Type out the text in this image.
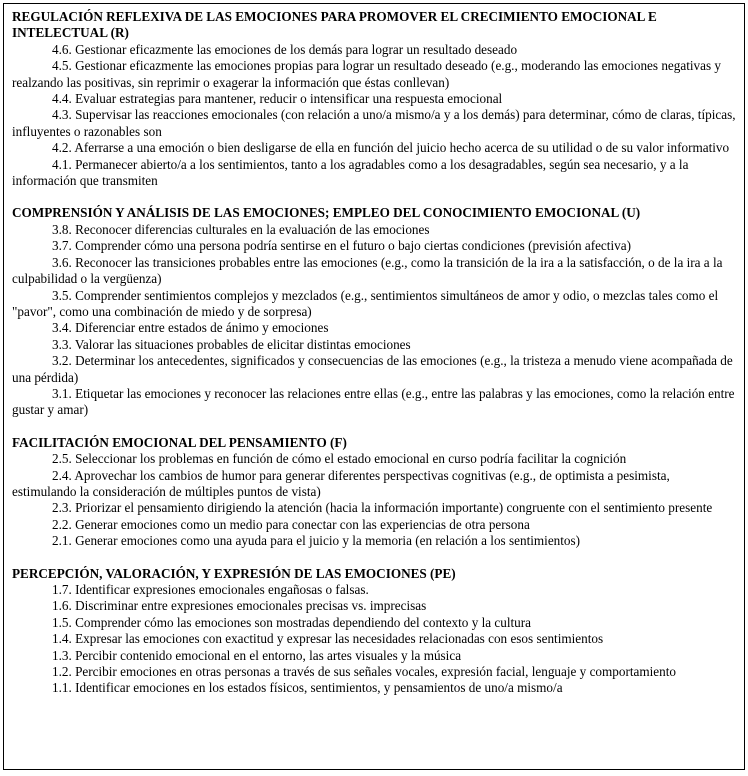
REGULACIÓN REFLEXIVA DE LAS EMOCIONES PARA PROMOVER EL CRECIMIENTO EMOCIONAL E INTELECTUAL (R)

4.6. Gestionar eficazmente las emociones de los demás para lograr un resultado deseado

4.5. Gestionar eficazmente las emociones propias para lograr un resultado deseado (e.g., moderando las emociones negativas y realzando las positivas, sin reprimir o exagerar la información que éstas conllevan)

4.4. Evaluar estrategias para mantener, reducir o intensificar una respuesta emocional

4.3. Supervisar las reacciones emocionales (con relación a uno/a mismo/a y a los demás) para determinar, cómo de claras, típicas, influyentes o razonables son

4.2. Aferrarse a una emoción o bien desligarse de ella en función del juicio hecho acerca de su utilidad o de su valor informativo

4.1. Permanecer abierto/a a los sentimientos, tanto a los agradables como a los desagradables, según sea necesario, y a la información que transmiten

COMPRENSIÓN Y ANÁLISIS DE LAS EMOCIONES; EMPLEO DEL CONOCIMIENTO EMOCIONAL (U)

3.8. Reconocer diferencias culturales en la evaluación de las emociones

3.7. Comprender cómo una persona podría sentirse en el futuro o bajo ciertas condiciones (previsión afectiva)

3.6. Reconocer las transiciones probables entre las emociones (e.g., como la transición de la ira a la satisfacción, o de la ira a la culpabilidad o la vergüenza)

3.5. Comprender sentimientos complejos y mezclados (e.g., sentimientos simultáneos de amor y odio, o mezclas tales como el "pavor", como una combinación de miedo y de sorpresa)

3.4. Diferenciar entre estados de ánimo y emociones

3.3. Valorar las situaciones probables de elicitar distintas emociones

3.2. Determinar los antecedentes, significados y consecuencias de las emociones (e.g., la tristeza a menudo viene acompañada de una pérdida)

3.1. Etiquetar las emociones y reconocer las relaciones entre ellas (e.g., entre las palabras y las emociones, como la relación entre gustar y amar)

FACILITACIÓN EMOCIONAL DEL PENSAMIENTO (F)

2.5. Seleccionar los problemas en función de cómo el estado emocional en curso podría facilitar la cognición

2.4. Aprovechar los cambios de humor para generar diferentes perspectivas cognitivas (e.g., de optimista a pesimista, estimulando la consideración de múltiples puntos de vista)

2.3. Priorizar el pensamiento dirigiendo la atención (hacia la información importante) congruente con el sentimiento presente

2.2. Generar emociones como un medio para conectar con las experiencias de otra persona

2.1. Generar emociones como una ayuda para el juicio y la memoria (en relación a los sentimientos)

PERCEPCIÓN, VALORACIÓN, Y EXPRESIÓN DE LAS EMOCIONES (PE)

1.7. Identificar expresiones emocionales engañosas o falsas.

1.6. Discriminar entre expresiones emocionales precisas vs. imprecisas

1.5. Comprender cómo las emociones son mostradas dependiendo del contexto y la cultura

1.4. Expresar las emociones con exactitud y expresar las necesidades relacionadas con esos sentimientos

1.3. Percibir contenido emocional en el entorno, las artes visuales y la música

1.2. Percibir emociones en otras personas a través de sus señales vocales, expresión facial, lenguaje y comportamiento

1.1. Identificar emociones en los estados físicos, sentimientos, y pensamientos de uno/a mismo/a
